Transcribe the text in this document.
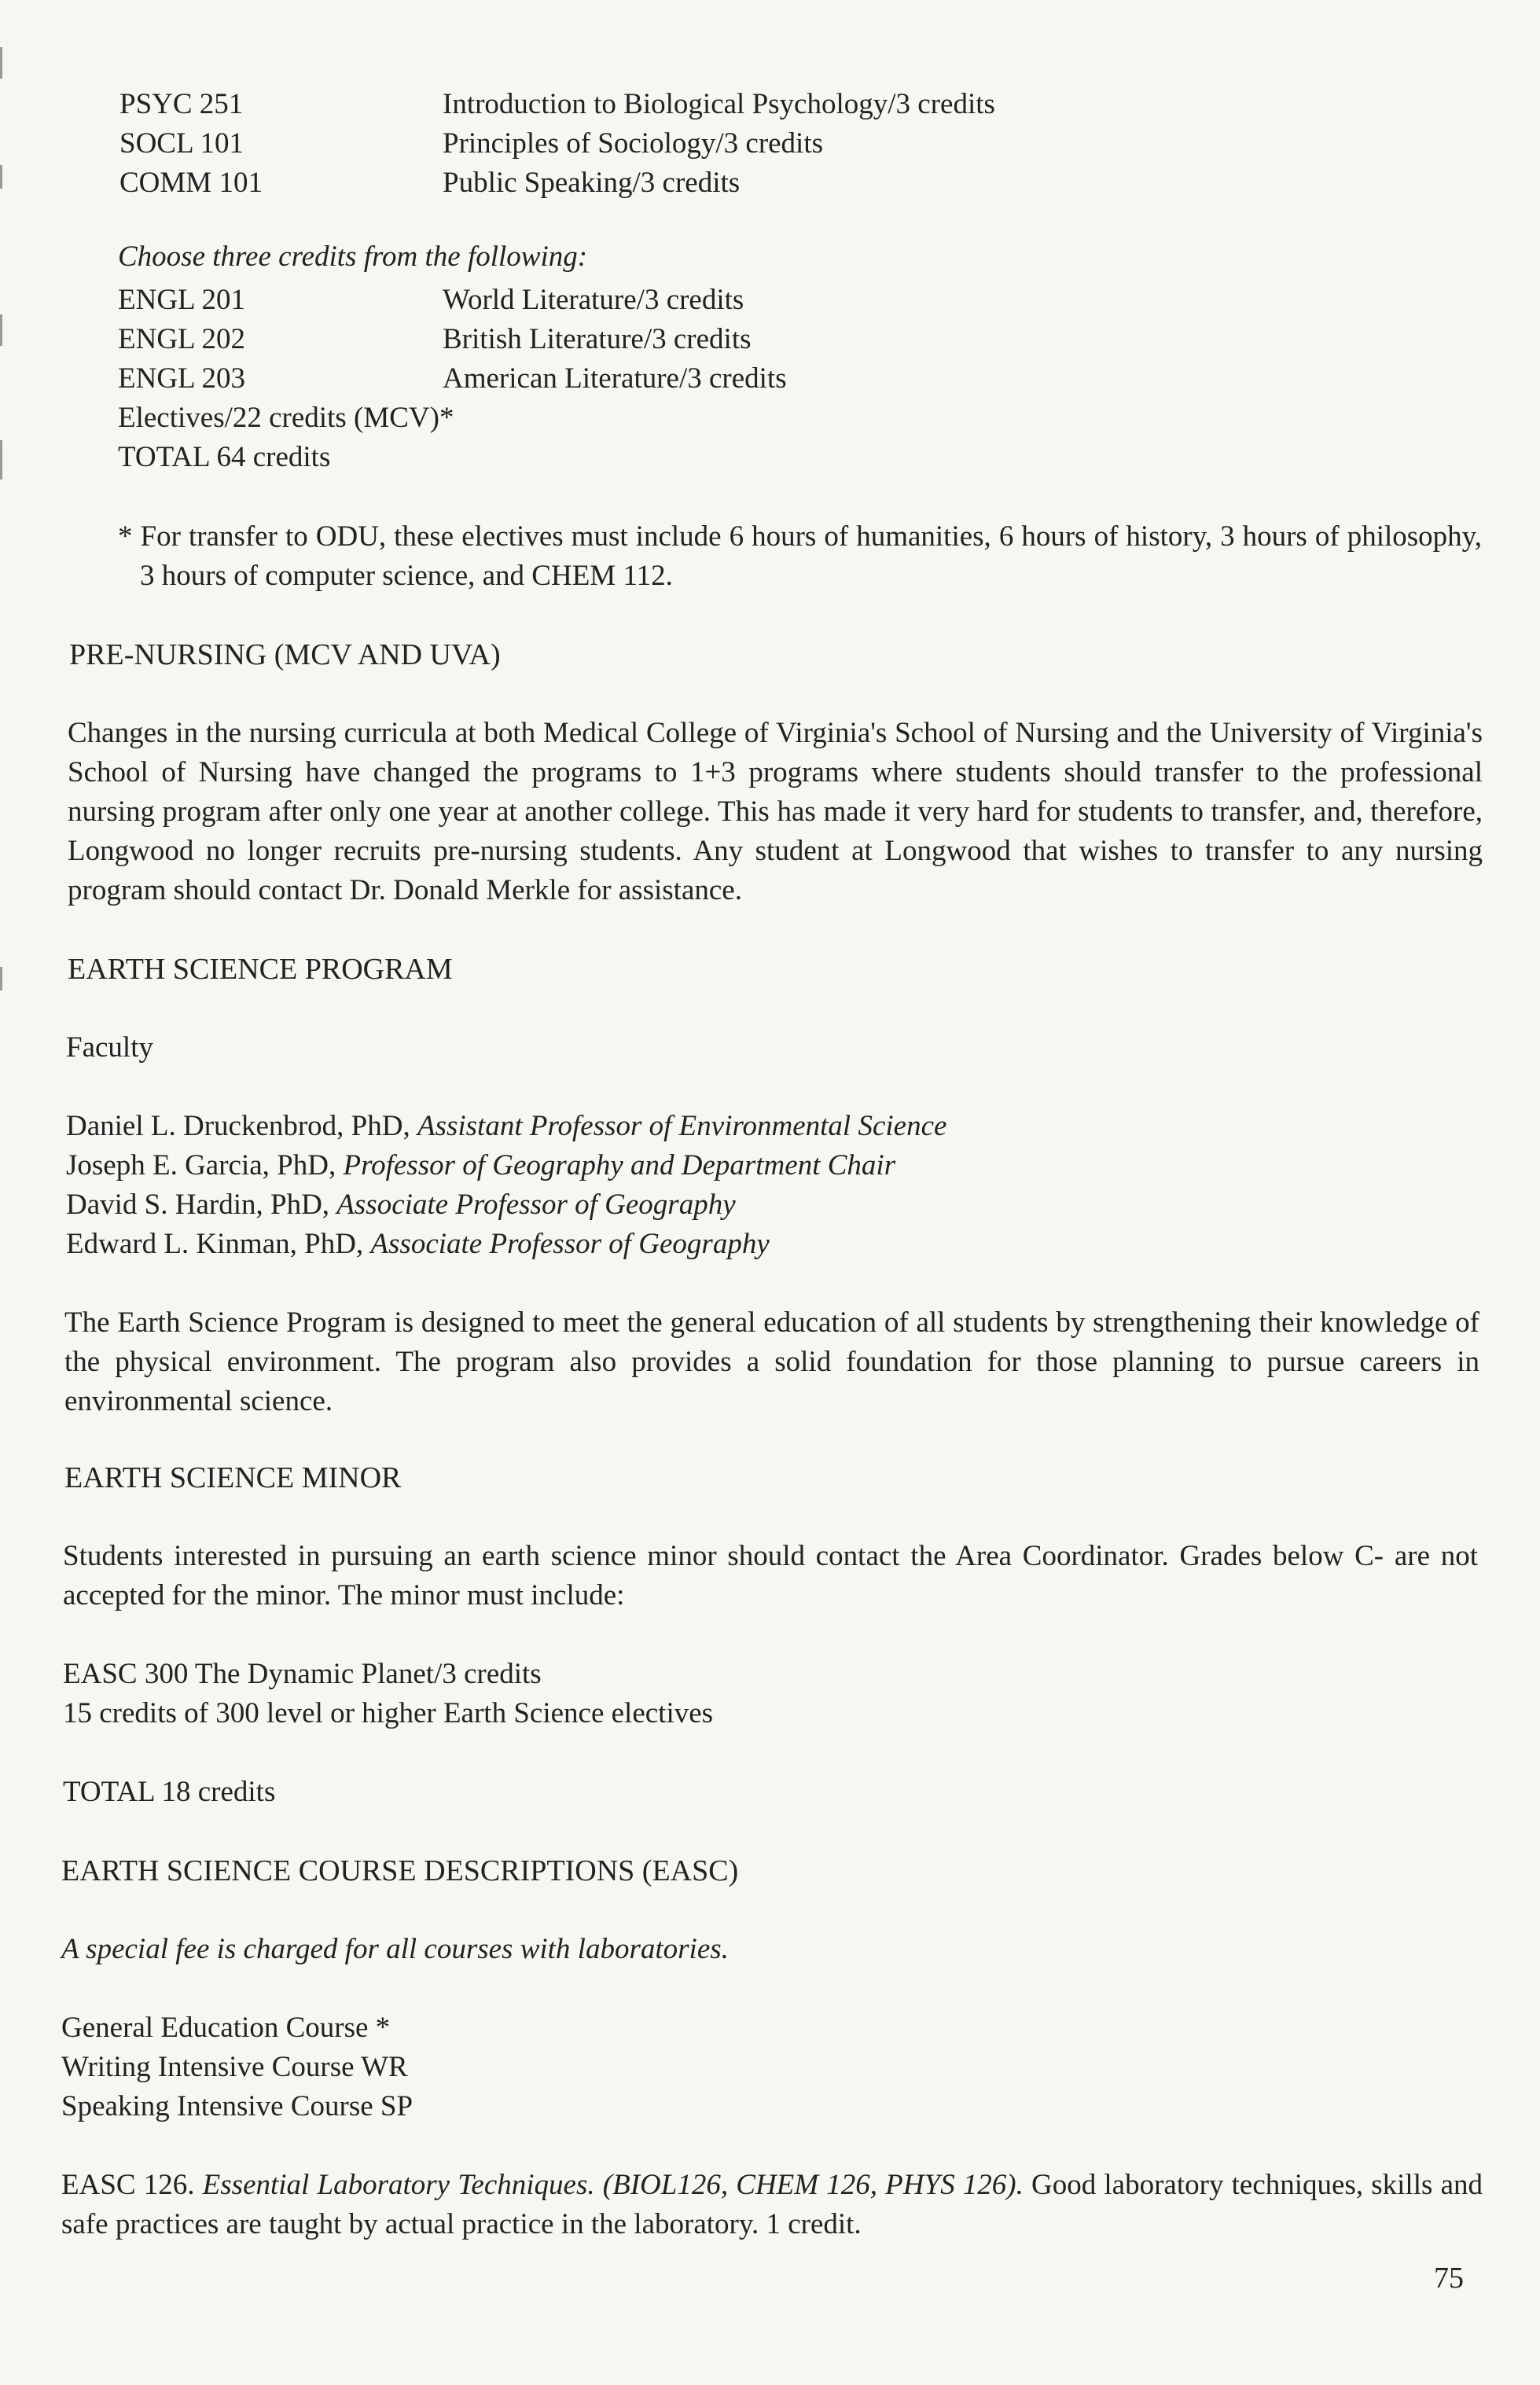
PSYC 251	Introduction to Biological Psychology/3 credits
SOCL 101	Principles of Sociology/3 credits
COMM 101	Public Speaking/3 credits
Choose three credits from the following:
ENGL 201	World Literature/3 credits
ENGL 202	British Literature/3 credits
ENGL 203	American Literature/3 credits
Electives/22 credits (MCV)*
TOTAL 64 credits
* For transfer to ODU, these electives must include 6 hours of humanities, 6 hours of history, 3 hours of philosophy, 3 hours of computer science, and CHEM 112.
PRE-NURSING (MCV AND UVA)
Changes in the nursing curricula at both Medical College of Virginia's School of Nursing and the University of Virginia's School of Nursing have changed the programs to 1+3 programs where students should transfer to the professional nursing program after only one year at another college. This has made it very hard for students to transfer, and, therefore, Longwood no longer recruits pre-nursing students. Any student at Longwood that wishes to transfer to any nursing program should contact Dr. Donald Merkle for assistance.
EARTH SCIENCE PROGRAM
Faculty
Daniel L. Druckenbrod, PhD, Assistant Professor of Environmental Science
Joseph E. Garcia, PhD, Professor of Geography and Department Chair
David S. Hardin, PhD, Associate Professor of Geography
Edward L. Kinman, PhD, Associate Professor of Geography
The Earth Science Program is designed to meet the general education of all students by strengthening their knowledge of the physical environment. The program also provides a solid foundation for those planning to pursue careers in environmental science.
EARTH SCIENCE MINOR
Students interested in pursuing an earth science minor should contact the Area Coordinator. Grades below C- are not accepted for the minor. The minor must include:
EASC 300 The Dynamic Planet/3 credits
15 credits of 300 level or higher Earth Science electives
TOTAL 18 credits
EARTH SCIENCE COURSE DESCRIPTIONS (EASC)
A special fee is charged for all courses with laboratories.
General Education Course *
Writing Intensive Course WR
Speaking Intensive Course SP
EASC 126. Essential Laboratory Techniques. (BIOL126, CHEM 126, PHYS 126). Good laboratory techniques, skills and safe practices are taught by actual practice in the laboratory. 1 credit.
75
